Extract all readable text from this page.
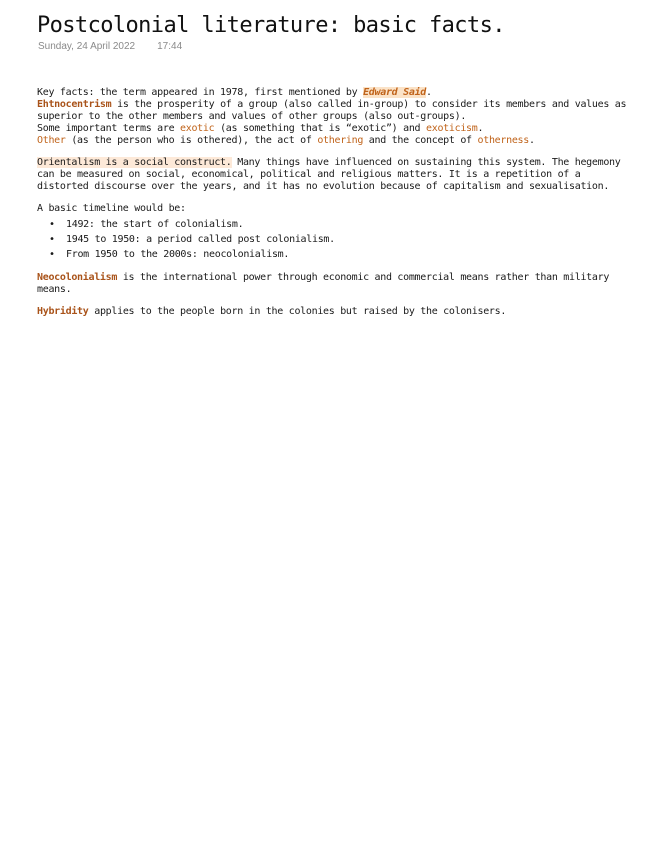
Postcolonial literature: basic facts.
Sunday, 24 April 2022 17:44

Key facts: the term appeared in 1978, first mentioned by Edward Said.

Ehtnocentrism is the prosperity of a group (also called in-group) to consider its members and values as superior to the other members and values of other groups (also out-groups).

Some important terms are exotic (as something that is “exotic”) and exoticism.

Other (as the person who is othered), the act of othering and the concept of otherness.

Orientalism is a social construct. Many things have influenced on sustaining this system. The hegemony can be measured on social, economical, political and religious matters. It is a repetition of a distorted discourse over the years, and it has no evolution because of capitalism and sexualisation.

A basic timeline would be:

• 1492: the start of colonialism.
• 1945 to 1950: a period called post colonialism.
• From 1950 to the 2000s: neocolonialism.

Neocolonialism is the international power through economic and commercial means rather than military means.

Hybridity applies to the people born in the colonies but raised by the colonisers.
